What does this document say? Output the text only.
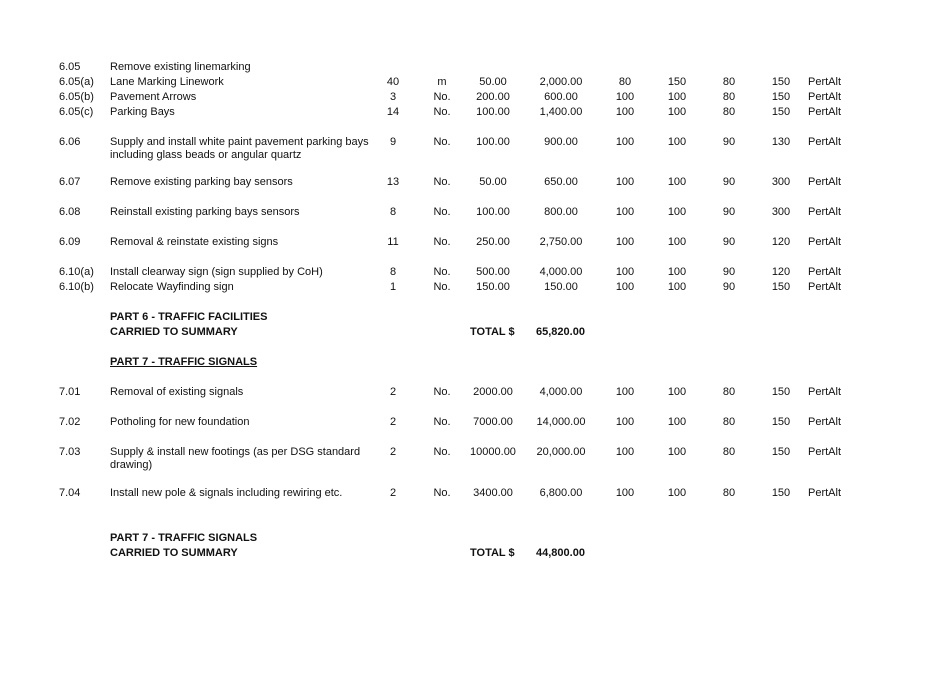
6.05	Remove existing linemarking
6.05(a) Lane Marking Linework	40	m	50.00	2,000.00	80	150	80	150	PertAlt
6.05(b) Pavement Arrows	3	No.	200.00	600.00	100	100	80	150	PertAlt
6.05(c) Parking Bays	14	No.	100.00	1,400.00	100	100	80	150	PertAlt
6.06	Supply and install white paint pavement parking bays	9	No.	100.00	900.00	100	100	90	130	PertAlt
including glass beads or angular quartz
6.07	Remove existing parking bay sensors	13	No.	50.00	650.00	100	100	90	300	PertAlt
6.08	Reinstall existing parking bays sensors	8	No.	100.00	800.00	100	100	90	300	PertAlt
6.09	Removal & reinstate existing signs	11	No.	250.00	2,750.00	100	100	90	120	PertAlt
6.10(a) Install clearway sign (sign supplied by CoH)	8	No.	500.00	4,000.00	100	100	90	120	PertAlt
6.10(b) Relocate Wayfinding sign	1	No.	150.00	150.00	100	100	90	150	PertAlt
PART 6 - TRAFFIC FACILITIES
CARRIED TO SUMMARY	TOTAL $ 65,820.00
PART 7 - TRAFFIC SIGNALS
7.01	Removal of existing signals	2	No.	2000.00	4,000.00	100	100	80	150	PertAlt
7.02	Potholing for new foundation	2	No.	7000.00	14,000.00	100	100	80	150	PertAlt
7.03	Supply & install new footings (as per DSG standard	2	No.	10000.00	20,000.00	100	100	80	150	PertAlt
drawing)
7.04	Install new pole & signals including rewiring etc.	2	No.	3400.00	6,800.00	100	100	80	150	PertAlt
PART 7 - TRAFFIC SIGNALS
CARRIED TO SUMMARY	TOTAL $ 44,800.00
